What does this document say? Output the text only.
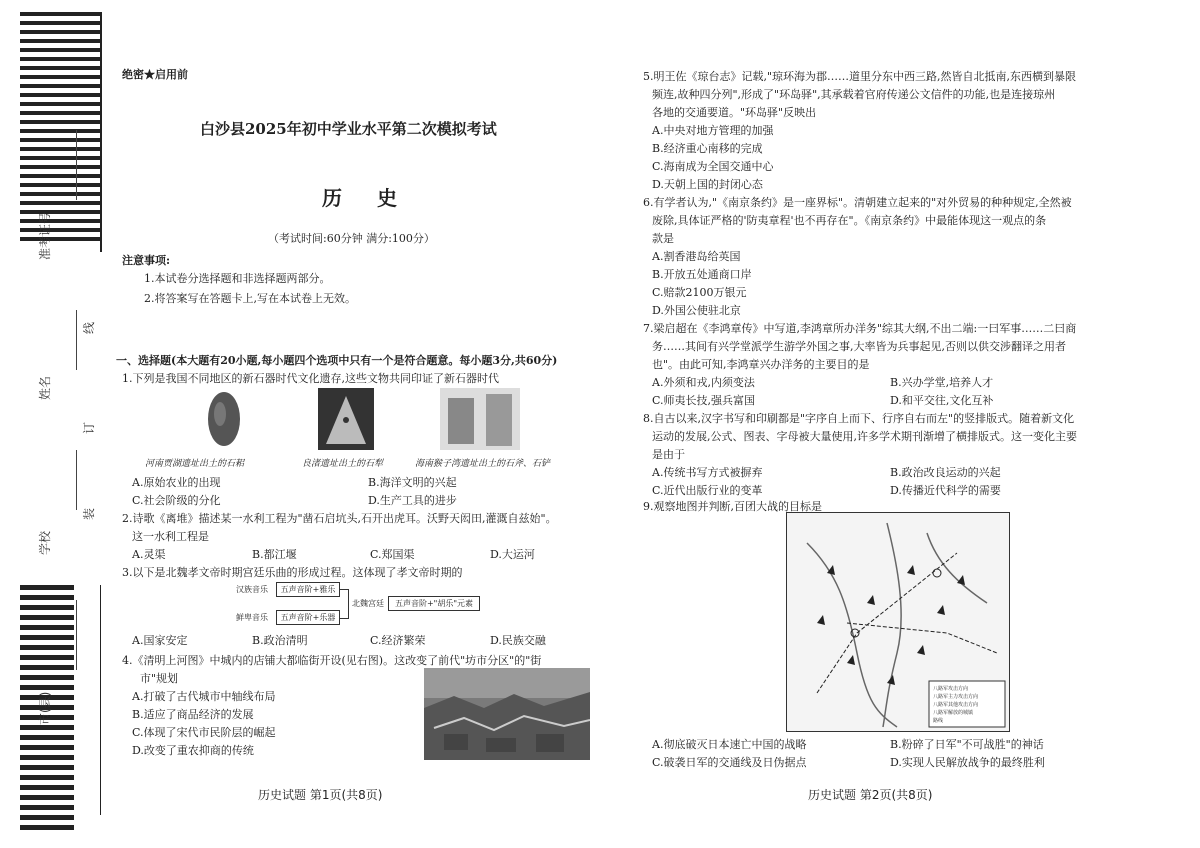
准考证号
姓名
学校
市(县)
线
订
装
绝密★启用前
白沙县2025年初中学业水平第二次模拟考试
历 史
（考试时间:60分钟 满分:100分）
注意事项:
1.本试卷分选择题和非选择题两部分。
2.将答案写在答题卡上,写在本试卷上无效。
一、选择题(本大题有20小题,每小题四个选项中只有一个是符合题意。每小题3分,共60分)
1.下列是我国不同地区的新石器时代文化遗存,这些文物共同印证了新石器时代
河南贾湖遗址出土的石耜	良渚遗址出土的石犁	海南猴子湾遗址出土的石斧、石铲
A.原始农业的出现	B.海洋文明的兴起
C.社会阶级的分化	D.生产工具的进步
2.诗歌《离堆》描述某一水利工程为"凿石启坑头,石开出虎耳。沃野天闳田,灌溉自兹始"。
这一水利工程是
A.灵渠	B.都江堰	C.郑国渠	D.大运河
3.以下是北魏孝文帝时期宫廷乐曲的形成过程。这体现了孝文帝时期的
汉族音乐	五声音阶+雅乐
鲜卑音乐	五声音阶+乐器
北魏宫廷	五声音阶+"胡乐"元素
A.国家安定	B.政治清明	C.经济繁荣	D.民族交融
4.《清明上河图》中城内的店铺大都临街开设(见右图)。这改变了前代"坊市分区"的"街
市"规划
A.打破了古代城市中轴线布局
B.适应了商品经济的发展
C.体现了宋代市民阶层的崛起
D.改变了重农抑商的传统
历史试题 第1页(共8页)
5.明王佐《琼台志》记载,"琼环海为郡……道里分东中西三路,然皆自北抵南,东西横到暴限
频连,故种四分列",形成了"环岛驿",其承载着官府传递公文信件的功能,也是连接琼州
各地的交通要道。"环岛驿"反映出
A.中央对地方管理的加强
B.经济重心南移的完成
C.海南成为全国交通中心
D.天朝上国的封闭心态
6.有学者认为,"《南京条约》是一座界标"。清朝建立起来的"对外贸易的种种规定,全然被
废除,具体证严格的'防夷章程'也不再存在"。《南京条约》中最能体现这一观点的条
款是
A.割香港岛给英国
B.开放五处通商口岸
C.赔款2100万银元
D.外国公使驻北京
7.梁启超在《李鸿章传》中写道,李鸿章所办洋务"综其大纲,不出二端:一曰军事……二曰商
务……其间有兴学堂派学生游学外国之事,大率皆为兵事起见,否则以供交涉翻译之用者
也"。由此可知,李鸿章兴办洋务的主要目的是
A.外须和戎,内须变法	B.兴办学堂,培养人才
C.师夷长技,强兵富国	D.和平交往,文化互补
8.自古以来,汉字书写和印刷都是"字序自上而下、行序自右而左"的竖排版式。随着新文化
运动的发展,公式、图表、字母被大量使用,许多学术期刊渐增了横排版式。这一变化主要
是由于
A.传统书写方式被摒弃	B.政治改良运动的兴起
C.近代出版行业的变革	D.传播近代科学的需要
9.观察地图并判断,百团大战的目标是
八路军攻击方向
八路军主力攻击方向
八路军其他攻击方向
八路军解放的城镇
路线
A.彻底破灭日本速亡中国的战略	B.粉碎了日军"不可战胜"的神话
C.破袭日军的交通线及日伪据点	D.实现人民解放战争的最终胜利
历史试题 第2页(共8页)
